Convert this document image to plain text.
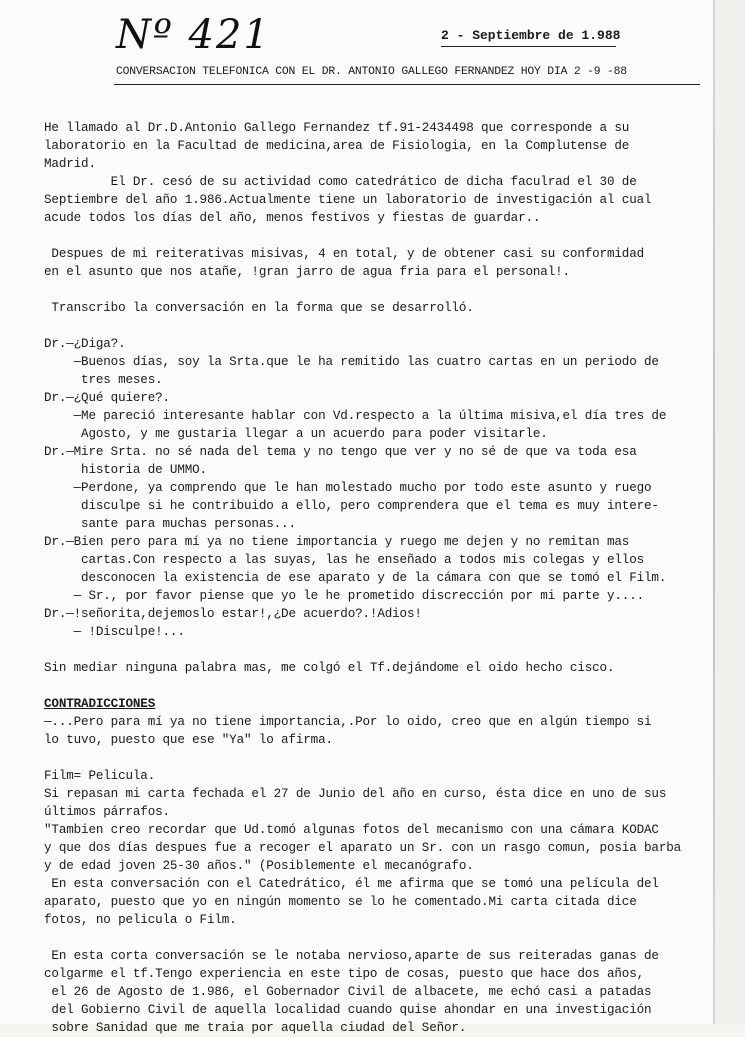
Nº 421	2 - Septiembre de 1.988
CONVERSACION TELEFONICA CON EL DR. ANTONIO GALLEGO FERNANDEZ HOY DIA 2 -9 -88

He llamado al Dr.D.Antonio Gallego Fernandez tf.91-2434498 que corresponde a su

laboratorio en la Facultad de medicina,area de Fisiologia, en la Complutense de

Madrid.

El Dr. cesó de su actividad como catedrático de dicha faculrad el 30 de

Septiembre del año 1.986.Actualmente tiene un laboratorio de investigación al cual

acude todos los días del año, menos festivos y fiestas de guardar..

Despues de mi reiterativas misivas, 4 en total, y de obtener casi su conformidad

en el asunto que nos atañe, !gran jarro de agua fria para el personal!.

Transcribo la conversación en la forma que se desarrolló.

Dr.—¿Diga?.

—Buenos días, soy la Srta.que le ha remitido las cuatro cartas en un periodo de

tres meses.

Dr.—¿Qué quiere?.

—Me pareció interesante hablar con Vd.respecto a la última misiva,el día tres de

Agosto, y me gustaria llegar a un acuerdo para poder visitarle.

Dr.—Mire Srta. no sé nada del tema y no tengo que ver y no sé de que va toda esa

historia de UMMO.

—Perdone, ya comprendo que le han molestado mucho por todo este asunto y ruego

disculpe si he contribuido a ello, pero comprendera que el tema es muy intere-

sante para muchas personas...

Dr.—Bien pero para mí ya no tiene importancia y ruego me dejen y no remitan mas

cartas.Con respecto a las suyas, las he enseñado a todos mis colegas y ellos

desconocen la existencia de ese aparato y de la cámara con que se tomó el Film.

— Sr., por favor piense que yo le he prometido discrección por mi parte y....

Dr.—!señorita,dejemoslo estar!,¿De acuerdo?.!Adios!

— !Disculpe!...

Sin mediar ninguna palabra mas, me colgó el Tf.dejándome el oido hecho cisco.

CONTRADICCIONES

—...Pero para mí ya no tiene importancia,.Por lo oido, creo que en algún tiempo si

lo tuvo, puesto que ese "Ya" lo afirma.

Film= Pelicula.

Si repasan mi carta fechada el 27 de Junio del año en curso, ésta dice en uno de sus

últimos párrafos.

"Tambien creo recordar que Ud.tomó algunas fotos del mecanismo con una cámara KODAC

y que dos días despues fue a recoger el aparato un Sr. con un rasgo comun, posia barba

y de edad joven 25-30 años." (Posiblemente el mecanógrafo.

En esta conversación con el Catedrático, él me afirma que se tomó una película del

aparato, puesto que yo en ningún momento se lo he comentado.Mi carta citada dice

fotos, no pelicula o Film.

En esta corta conversación se le notaba nervioso,aparte de sus reiteradas ganas de

colgarme el tf.Tengo experiencia en este tipo de cosas, puesto que hace dos años,

el 26 de Agosto de 1.986, el Gobernador Civil de albacete, me echó casi a patadas

del Gobierno Civil de aquella localidad cuando quise ahondar en una investigación

sobre Sanidad que me traia por aquella ciudad del Señor.
